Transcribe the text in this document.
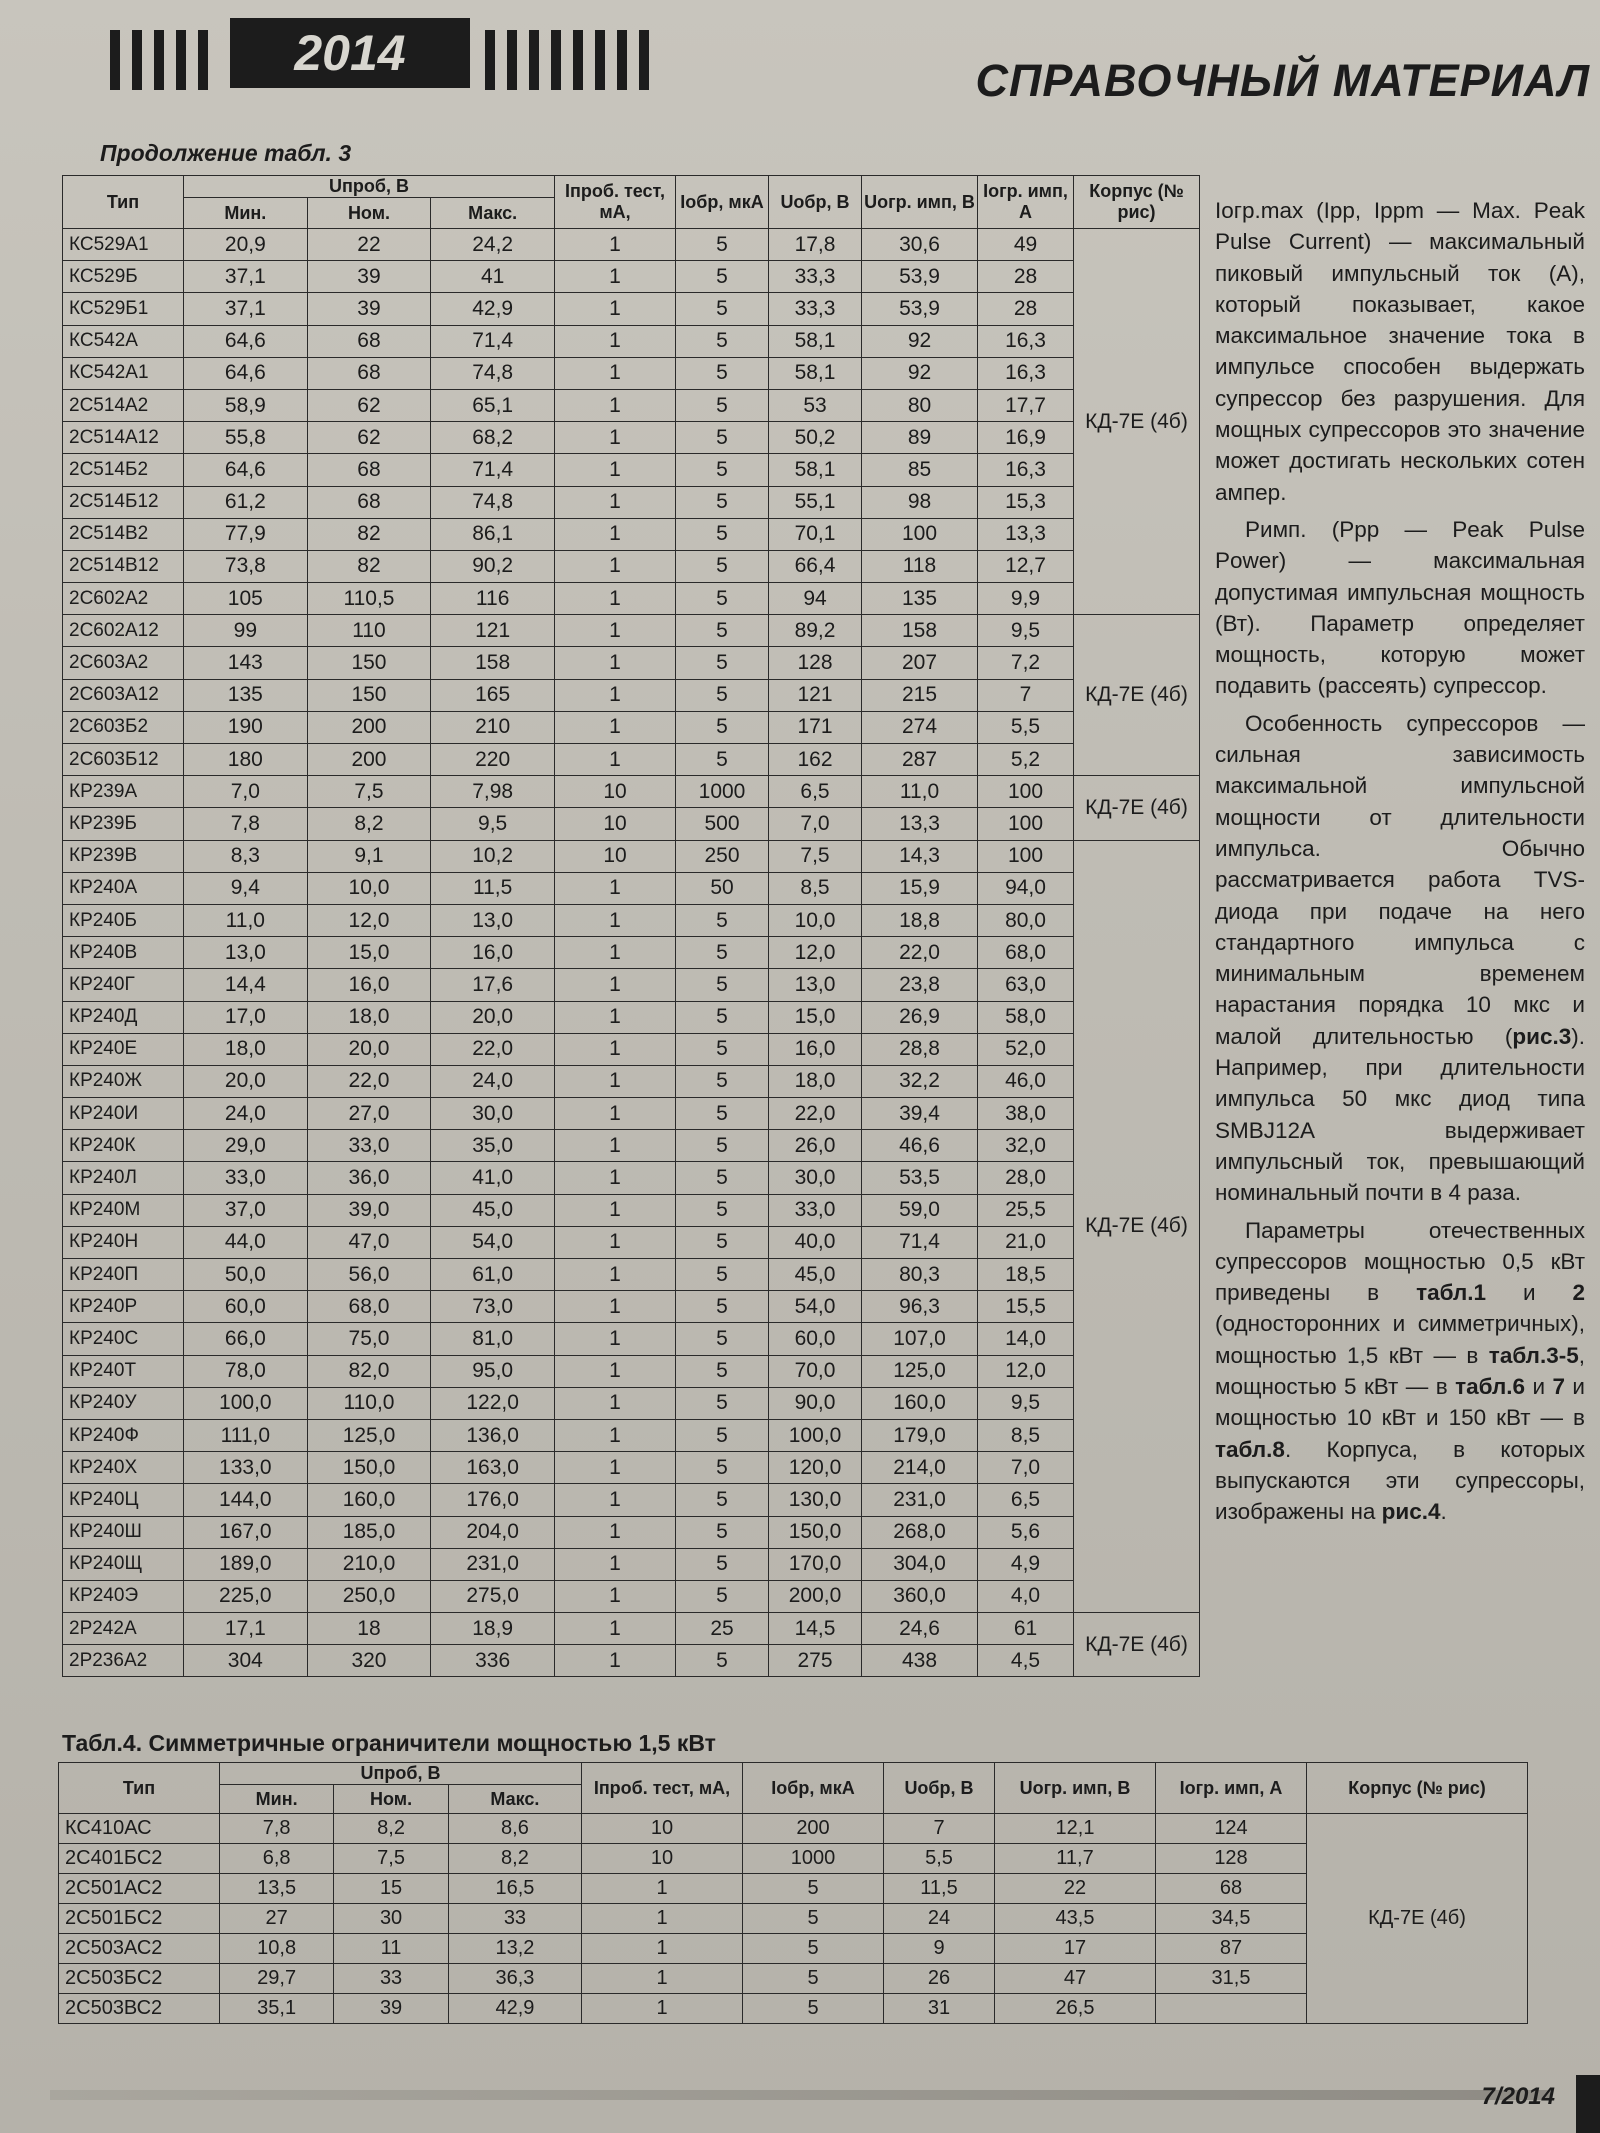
2014	СПРАВОЧНЫЙ МАТЕРИАЛ
Продолжение табл. 3
Тип	Uпроб, В			Iпроб. тест, мА,	Iобр, мкА	Uобр, В	Uогр. имп, В	Iогр. имп, А	Корпус (№ рис)
	Мин.	Ном.	Макс.						
КС529А1	20,9	22	24,2	1	5	17,8	30,6	49	КД-7Е (4б)
КС529Б	37,1	39	41	1	5	33,3	53,9	28	
КС529Б1	37,1	39	42,9	1	5	33,3	53,9	28	
КС542А	64,6	68	71,4	1	5	58,1	92	16,3	
КС542А1	64,6	68	74,8	1	5	58,1	92	16,3	
2С514А2	58,9	62	65,1	1	5	53	80	17,7	
2С514А12	55,8	62	68,2	1	5	50,2	89	16,9	
2С514Б2	64,6	68	71,4	1	5	58,1	85	16,3	
2С514Б12	61,2	68	74,8	1	5	55,1	98	15,3	
2С514В2	77,9	82	86,1	1	5	70,1	100	13,3	
2С514В12	73,8	82	90,2	1	5	66,4	118	12,7	
2С602А2	105	110,5	116	1	5	94	135	9,9	
2С602А12	99	110	121	1	5	89,2	158	9,5	КД-7Е (4б)
2С603А2	143	150	158	1	5	128	207	7,2	
2С603А12	135	150	165	1	5	121	215	7	
2С603Б2	190	200	210	1	5	171	274	5,5	
2С603Б12	180	200	220	1	5	162	287	5,2	
КР239А	7,0	7,5	7,98	10	1000	6,5	11,0	100	КД-7Е (4б)
КР239Б	7,8	8,2	9,5	10	500	7,0	13,3	100	
КР239В	8,3	9,1	10,2	10	250	7,5	14,3	100	КД-7Е (4б)
КР240А	9,4	10,0	11,5	1	50	8,5	15,9	94,0	
КР240Б	11,0	12,0	13,0	1	5	10,0	18,8	80,0	
КР240В	13,0	15,0	16,0	1	5	12,0	22,0	68,0	
КР240Г	14,4	16,0	17,6	1	5	13,0	23,8	63,0	
КР240Д	17,0	18,0	20,0	1	5	15,0	26,9	58,0	
КР240Е	18,0	20,0	22,0	1	5	16,0	28,8	52,0	
КР240Ж	20,0	22,0	24,0	1	5	18,0	32,2	46,0	
КР240И	24,0	27,0	30,0	1	5	22,0	39,4	38,0	
КР240К	29,0	33,0	35,0	1	5	26,0	46,6	32,0	
КР240Л	33,0	36,0	41,0	1	5	30,0	53,5	28,0	
КР240М	37,0	39,0	45,0	1	5	33,0	59,0	25,5	
КР240Н	44,0	47,0	54,0	1	5	40,0	71,4	21,0	
КР240П	50,0	56,0	61,0	1	5	45,0	80,3	18,5	
КР240Р	60,0	68,0	73,0	1	5	54,0	96,3	15,5	
КР240С	66,0	75,0	81,0	1	5	60,0	107,0	14,0	
КР240Т	78,0	82,0	95,0	1	5	70,0	125,0	12,0	
КР240У	100,0	110,0	122,0	1	5	90,0	160,0	9,5	
КР240Ф	111,0	125,0	136,0	1	5	100,0	179,0	8,5	
КР240Х	133,0	150,0	163,0	1	5	120,0	214,0	7,0	
КР240Ц	144,0	160,0	176,0	1	5	130,0	231,0	6,5	
КР240Ш	167,0	185,0	204,0	1	5	150,0	268,0	5,6	
КР240Щ	189,0	210,0	231,0	1	5	170,0	304,0	4,9	
КР240Э	225,0	250,0	275,0	1	5	200,0	360,0	4,0	
2Р242А	17,1	18	18,9	1	25	14,5	24,6	61	КД-7Е (4б)
2Р236А2	304	320	336	1	5	275	438	4,5	

Iогр.max (Ipp, Ippm — Max. Peak Pulse Current) — максимальный пиковый импульсный ток (А), который показывает, какое максимальное значение тока в импульсе способен выдержать супрессор без разрушения. Для мощных супрессоров это значение может достигать нескольких сотен ампер.

Pимп. (Ppp — Peak Pulse Power) — максимальная допустимая импульсная мощность (Вт). Параметр определяет мощность, которую может подавить (рассеять) супрессор.

Особенность супрессоров — сильная зависимость максимальной импульсной мощности от длительности импульса. Обычно рассматривается работа TVS-диода при подаче на него стандартного импульса с минимальным временем нарастания порядка 10 мкс и малой длительностью (рис.3). Например, при длительности импульса 50 мкс диод типа SMBJ12A выдерживает импульсный ток, превышающий номинальный почти в 4 раза.

Параметры отечественных супрессоров мощностью 0,5 кВт приведены в табл.1 и 2 (односторонних и симметричных), мощностью 1,5 кВт — в табл.3-5, мощностью 5 кВт — в табл.6 и 7 и мощностью 10 кВт и 150 кВт — в табл.8. Корпуса, в которых выпускаются эти супрессоры, изображены на рис.4.

Табл.4. Симметричные ограничители мощностью 1,5 кВт
Тип	Uпроб, В			Iпроб. тест, мА,	Iобр, мкА	Uобр, В	Uогр. имп, В	Iогр. имп, А	Корпус (№ рис)
	Мин.	Ном.	Макс.						
КС410АС	7,8	8,2	8,6	10	200	7	12,1	124	КД-7Е (4б)
2С401БС2	6,8	7,5	8,2	10	1000	5,5	11,7	128	
2С501АС2	13,5	15	16,5	1	5	11,5	22	68	
2С501БС2	27	30	33	1	5	24	43,5	34,5	
2С503АС2	10,8	11	13,2	1	5	9	17	87	
2С503БС2	29,7	33	36,3	1	5	26	47	31,5	
2С503ВС2	35,1	39	42,9	1	5	31	26,5		
7/2014
